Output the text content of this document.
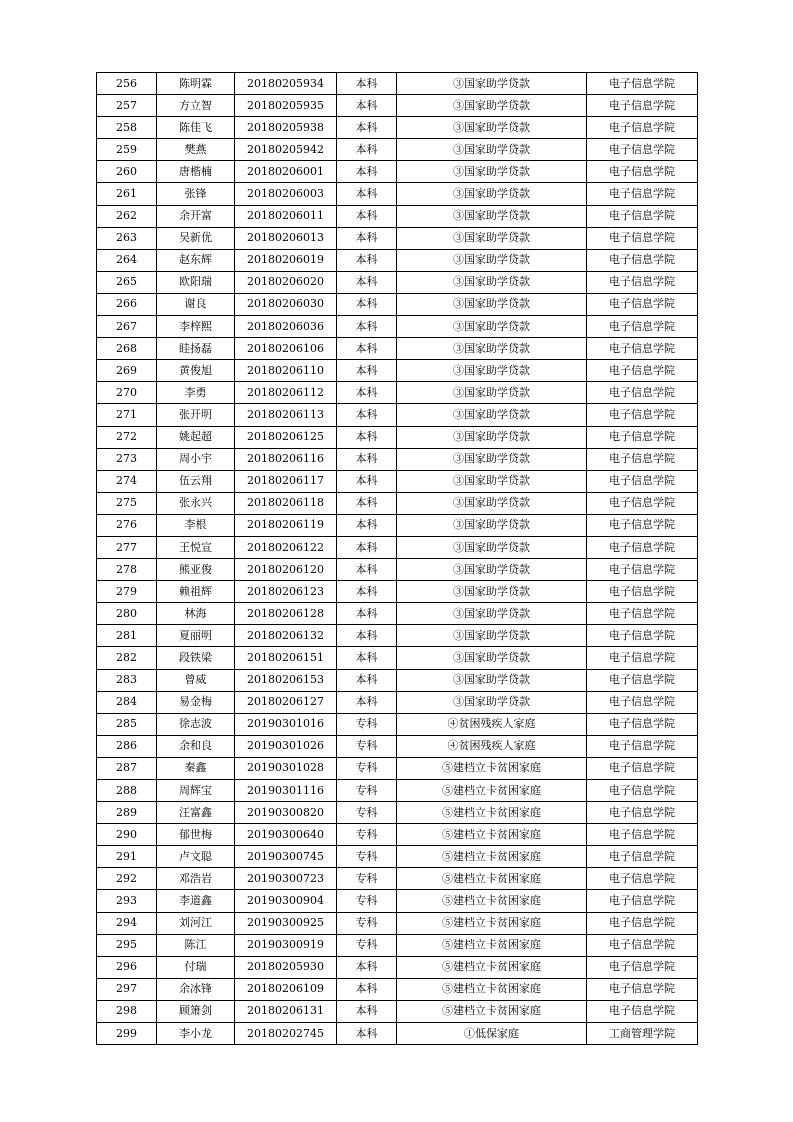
256	陈明霖	20180205934	本科	③国家助学贷款	电子信息学院
257	方立智	20180205935	本科	③国家助学贷款	电子信息学院
258	陈佳飞	20180205938	本科	③国家助学贷款	电子信息学院
259	樊燕	20180205942	本科	③国家助学贷款	电子信息学院
260	唐楷楠	20180206001	本科	③国家助学贷款	电子信息学院
261	张锋	20180206003	本科	③国家助学贷款	电子信息学院
262	余开富	20180206011	本科	③国家助学贷款	电子信息学院
263	吴新优	20180206013	本科	③国家助学贷款	电子信息学院
264	赵东辉	20180206019	本科	③国家助学贷款	电子信息学院
265	欧阳瑞	20180206020	本科	③国家助学贷款	电子信息学院
266	谢良	20180206030	本科	③国家助学贷款	电子信息学院
267	李梓熙	20180206036	本科	③国家助学贷款	电子信息学院
268	眭扬磊	20180206106	本科	③国家助学贷款	电子信息学院
269	黄俊旭	20180206110	本科	③国家助学贷款	电子信息学院
270	李勇	20180206112	本科	③国家助学贷款	电子信息学院
271	张开明	20180206113	本科	③国家助学贷款	电子信息学院
272	姚起超	20180206125	本科	③国家助学贷款	电子信息学院
273	周小宇	20180206116	本科	③国家助学贷款	电子信息学院
274	伍云翔	20180206117	本科	③国家助学贷款	电子信息学院
275	张永兴	20180206118	本科	③国家助学贷款	电子信息学院
276	李根	20180206119	本科	③国家助学贷款	电子信息学院
277	王悦宣	20180206122	本科	③国家助学贷款	电子信息学院
278	熊亚俊	20180206120	本科	③国家助学贷款	电子信息学院
279	赖祖辉	20180206123	本科	③国家助学贷款	电子信息学院
280	林海	20180206128	本科	③国家助学贷款	电子信息学院
281	夏丽明	20180206132	本科	③国家助学贷款	电子信息学院
282	段铁梁	20180206151	本科	③国家助学贷款	电子信息学院
283	曾威	20180206153	本科	③国家助学贷款	电子信息学院
284	易金梅	20180206127	本科	③国家助学贷款	电子信息学院
285	徐志波	20190301016	专科	④贫困残疾人家庭	电子信息学院
286	余和良	20190301026	专科	④贫困残疾人家庭	电子信息学院
287	秦鑫	20190301028	专科	⑤建档立卡贫困家庭	电子信息学院
288	周辉宝	20190301116	专科	⑤建档立卡贫困家庭	电子信息学院
289	汪富鑫	20190300820	专科	⑤建档立卡贫困家庭	电子信息学院
290	郁世梅	20190300640	专科	⑤建档立卡贫困家庭	电子信息学院
291	卢文聪	20190300745	专科	⑤建档立卡贫困家庭	电子信息学院
292	邓浩岩	20190300723	专科	⑤建档立卡贫困家庭	电子信息学院
293	李道鑫	20190300904	专科	⑤建档立卡贫困家庭	电子信息学院
294	刘河江	20190300925	专科	⑤建档立卡贫困家庭	电子信息学院
295	陈江	20190300919	专科	⑤建档立卡贫困家庭	电子信息学院
296	付瑞	20180205930	本科	⑤建档立卡贫困家庭	电子信息学院
297	余冰锋	20180206109	本科	⑤建档立卡贫困家庭	电子信息学院
298	顾箫剑	20180206131	本科	⑤建档立卡贫困家庭	电子信息学院
299	李小龙	20180202745	本科	①低保家庭	工商管理学院
